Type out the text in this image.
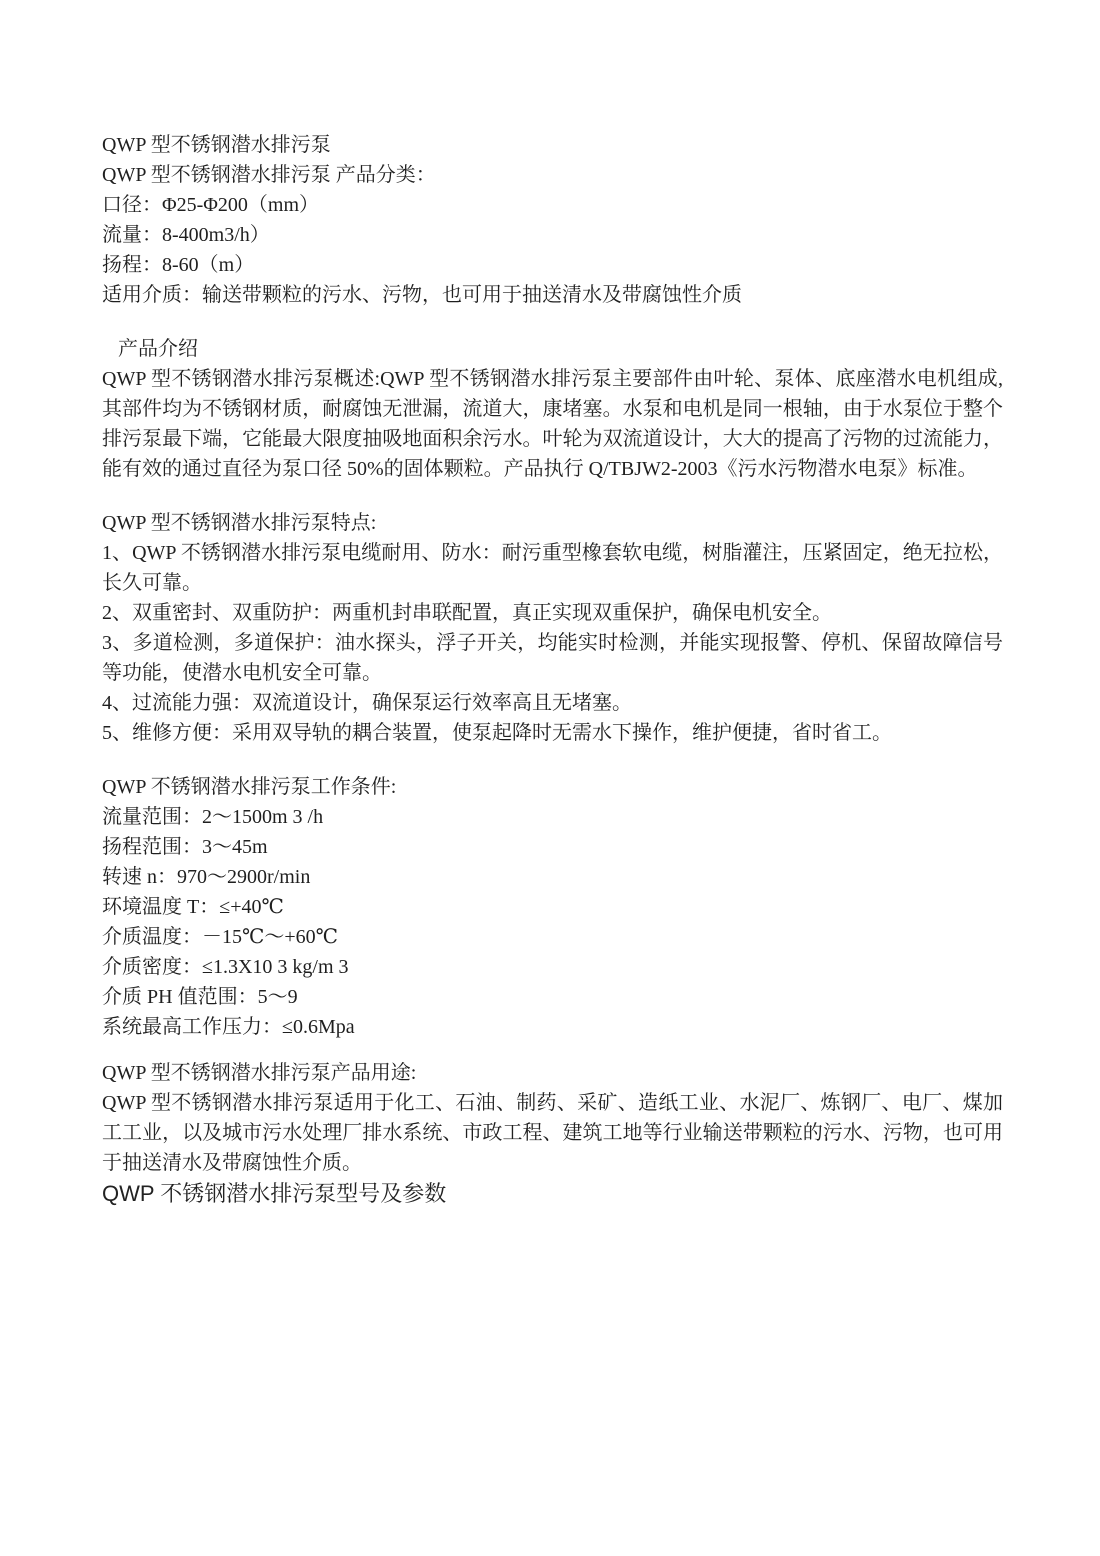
QWP 型不锈钢潜水排污泵

QWP 型不锈钢潜水排污泵 产品分类：

口径：Φ25-Φ200（mm）

流量：8-400m3/h）

扬程：8-60（m）

适用介质：输送带颗粒的污水、污物，也可用于抽送清水及带腐蚀性介质

产品介绍

QWP 型不锈钢潜水排污泵概述:QWP 型不锈钢潜水排污泵主要部件由叶轮、泵体、底座潜水电机组成,其部件均为不锈钢材质，耐腐蚀无泄漏，流道大，康堵塞。水泵和电机是同一根轴，由于水泵位于整个排污泵最下端，它能最大限度抽吸地面积余污水。叶轮为双流道设计，大大的提高了污物的过流能力，能有效的通过直径为泵口径 50%的固体颗粒。产品执行 Q/TBJW2-2003《污水污物潜水电泵》标准。

QWP 型不锈钢潜水排污泵特点:

1、QWP 不锈钢潜水排污泵电缆耐用、防水：耐污重型橡套软电缆，树脂灌注，压紧固定，绝无拉松，长久可靠。

2、双重密封、双重防护：两重机封串联配置，真正实现双重保护，确保电机安全。

3、多道检测，多道保护：油水探头，浮子开关，均能实时检测，并能实现报警、停机、保留故障信号等功能，使潜水电机安全可靠。

4、过流能力强：双流道设计，确保泵运行效率高且无堵塞。

5、维修方便：采用双导轨的耦合装置，使泵起降时无需水下操作，维护便捷，省时省工。

QWP 不锈钢潜水排污泵工作条件:

流量范围：2～1500m 3 /h

扬程范围：3～45m

转速 n：970～2900r/min

环境温度 T：≤+40℃

介质温度：－15℃～+60℃

介质密度：≤1.3X10 3 kg/m 3

介质 PH 值范围：5～9

系统最高工作压力：≤0.6Mpa

QWP 型不锈钢潜水排污泵产品用途:

QWP 型不锈钢潜水排污泵适用于化工、石油、制药、采矿、造纸工业、水泥厂、炼钢厂、电厂、煤加工工业，以及城市污水处理厂排水系统、市政工程、建筑工地等行业输送带颗粒的污水、污物，也可用于抽送清水及带腐蚀性介质。

QWP 不锈钢潜水排污泵型号及参数
